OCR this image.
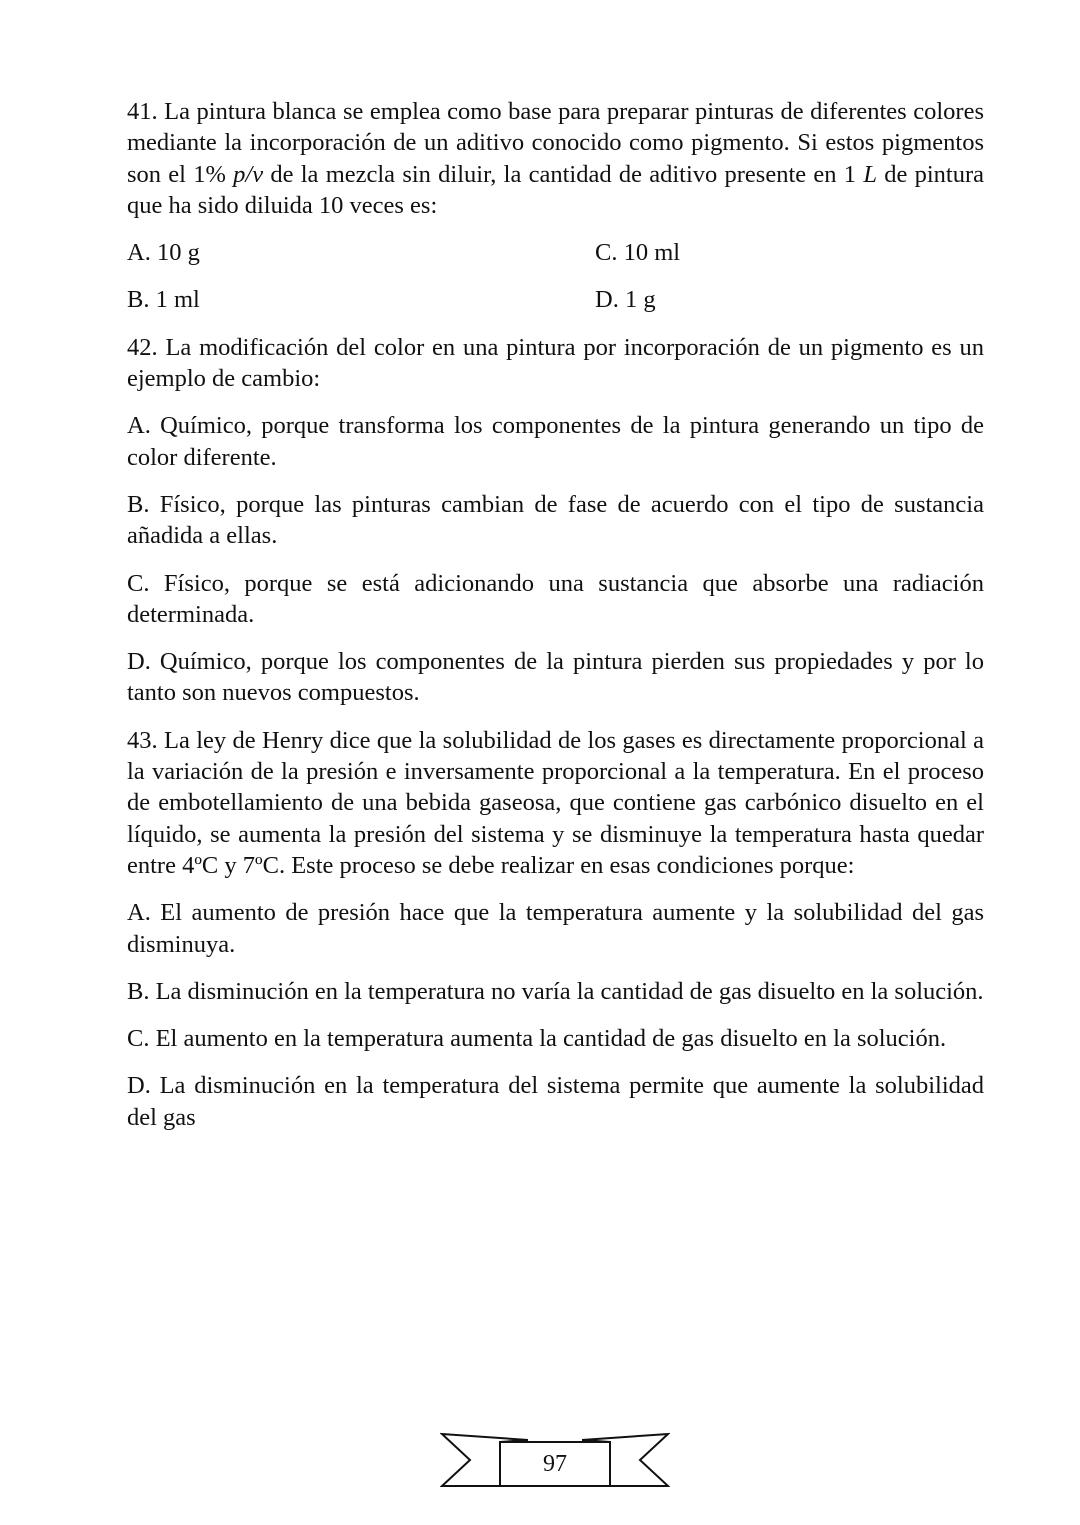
41. La pintura blanca se emplea como base para preparar pinturas de diferentes colores mediante la incorporación de un aditivo conocido como pigmento. Si estos pigmentos son el 1% p/v de la mezcla sin diluir, la cantidad de aditivo presente en 1 L de pintura que ha sido diluida 10 veces es:

A. 10 g	C. 10 ml
B. 1 ml	D. 1 g

42. La modificación del color en una pintura por incorporación de un pigmento es un ejemplo de cambio:

A. Químico, porque transforma los componentes de la pintura generando un tipo de color diferente.

B. Físico, porque las pinturas cambian de fase de acuerdo con el tipo de sustancia añadida a ellas.

C. Físico, porque se está adicionando una sustancia que absorbe una radiación determinada.

D. Químico, porque los componentes de la pintura pierden sus propiedades y por lo tanto son nuevos compuestos.

43. La ley de Henry dice que la solubilidad de los gases es directamente proporcional a la variación de la presión e inversamente proporcional a la temperatura. En el proceso de embotellamiento de una bebida gaseosa, que contiene gas carbónico disuelto en el líquido, se aumenta la presión del sistema y se disminuye la temperatura hasta quedar entre 4ºC y 7ºC. Este proceso se debe realizar en esas condiciones porque:

A. El aumento de presión hace que la temperatura aumente y la solubilidad del gas disminuya.

B. La disminución en la temperatura no varía la cantidad de gas disuelto en la solución.

C. El aumento en la temperatura aumenta la cantidad de gas disuelto en la solución.

D. La disminución en la temperatura del sistema permite que aumente la solubilidad del gas

97
